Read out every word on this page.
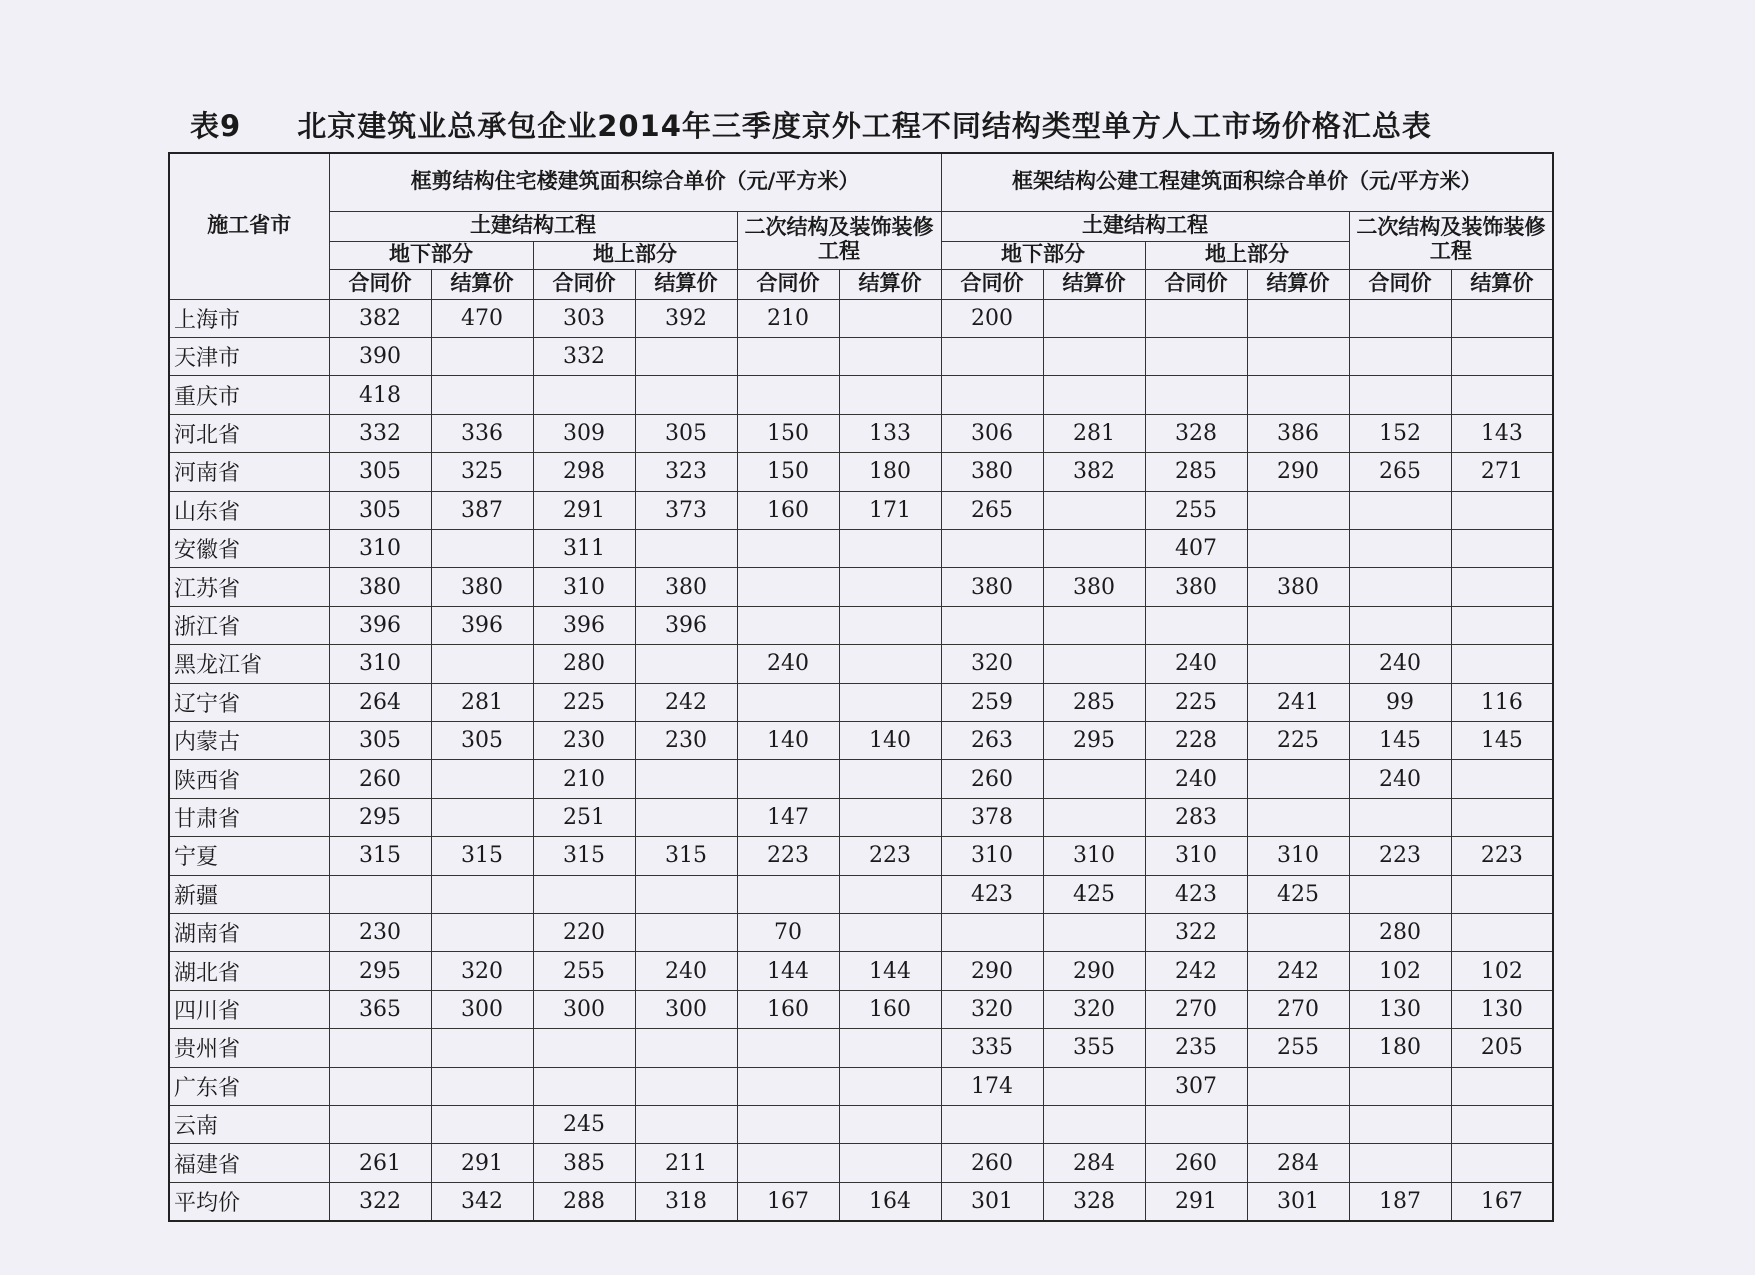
表9 北京建筑业总承包企业2014年三季度京外工程不同结构类型单方人工市场价格汇总表
施工省市	框剪结构住宅楼建筑面积综合单价（元/平方米）						框架结构公建工程建筑面积综合单价（元/平方米）					
	土建结构工程				二次结构及装饰装修工程		土建结构工程				二次结构及装饰装修工程	
	地下部分		地上部分				地下部分		地上部分			
	合同价	结算价	合同价	结算价	合同价	结算价	合同价	结算价	合同价	结算价	合同价	结算价
上海市	382	470	303	392	210		200					
天津市	390		332									
重庆市	418											
河北省	332	336	309	305	150	133	306	281	328	386	152	143
河南省	305	325	298	323	150	180	380	382	285	290	265	271
山东省	305	387	291	373	160	171	265		255			
安徽省	310		311						407			
江苏省	380	380	310	380			380	380	380	380		
浙江省	396	396	396	396								
黑龙江省	310		280		240		320		240		240	
辽宁省	264	281	225	242			259	285	225	241	99	116
内蒙古	305	305	230	230	140	140	263	295	228	225	145	145
陕西省	260		210				260		240		240	
甘肃省	295		251		147		378		283			
宁夏	315	315	315	315	223	223	310	310	310	310	223	223
新疆							423	425	423	425		
湖南省	230		220		70				322		280	
湖北省	295	320	255	240	144	144	290	290	242	242	102	102
四川省	365	300	300	300	160	160	320	320	270	270	130	130
贵州省							335	355	235	255	180	205
广东省							174		307			
云南			245									
福建省	261	291	385	211			260	284	260	284		
平均价	322	342	288	318	167	164	301	328	291	301	187	167
